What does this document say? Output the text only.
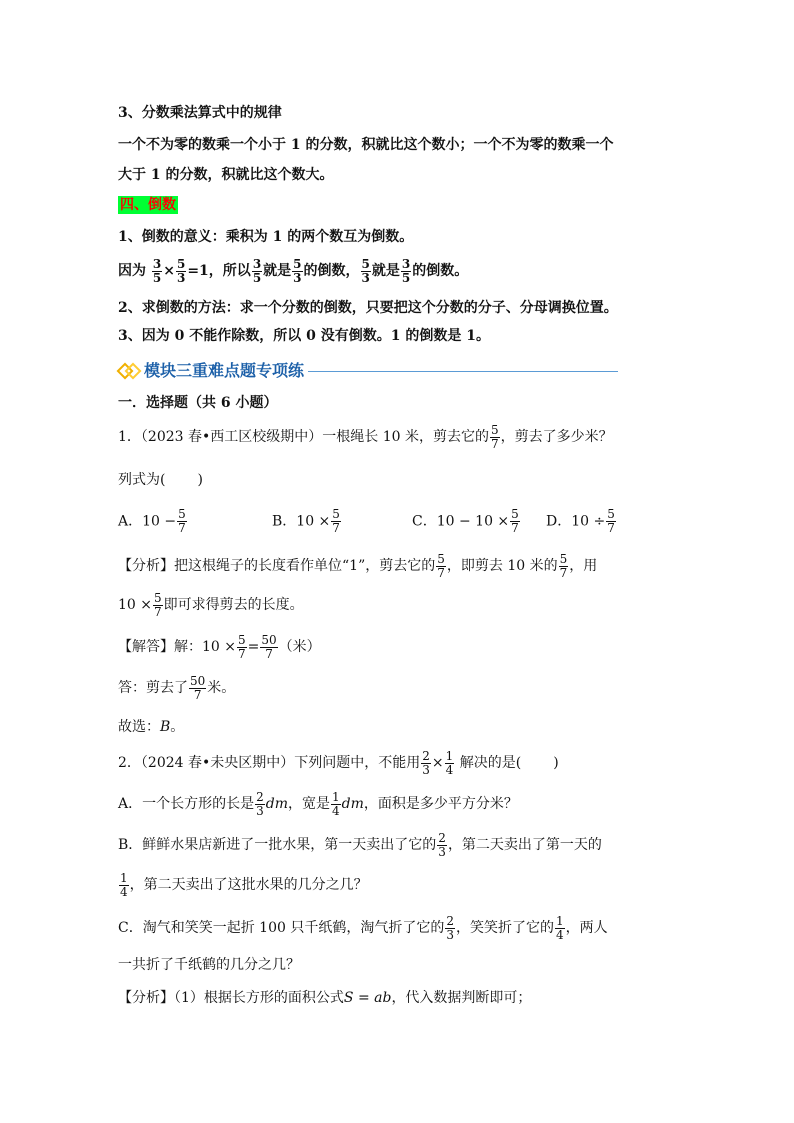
3、分数乘法算式中的规律
一个不为零的数乘一个小于 1 的分数，积就比这个数小；一个不为零的数乘一个
大于 1 的分数，积就比这个数大。
四、倒数
1、倒数的意义：乘积为 1 的两个数互为倒数。
因为 $\frac{3}{5} \times \frac{5}{3} =1$，所以 $\frac{3}{5}$ 就是 $\frac{5}{3}$ 的倒数， $\frac{5}{3}$ 就是 $\frac{3}{5}$ 的倒数。
2、求倒数的方法：求一个分数的倒数，只要把这个分数的分子、分母调换位置。
3、因为 0 不能作除数，所以 0 没有倒数。1 的倒数是 1。
模块三重难点题专项练
一．选择题（共 6 小题）
1．（2023 春•西工区校级期中）一根绳长 10 米，剪去它的 $\frac{5}{7}$ ，剪去了多少米？
列式为( )
A．$10 - \frac{5}{7}$	B．$10 \times \frac{5}{7}$	C．$10 - 10 \times \frac{5}{7}$ D．$10 \div \frac{5}{7}$
【分析】把这根绳子的长度看作单位“1”，剪去它的 $\frac{5}{7}$ ，即剪去 10 米的 $\frac{5}{7}$ ，用
$10 \times \frac{5}{7}$ 即可求得剪去的长度。
【解答】解：$10 \times \frac{5}{7} = \frac{50}{7}$ （米）
答：剪去了 $\frac{50}{7}$ 米。
故选：B。
2．（2024 春•未央区期中）下列问题中，不能用 $\frac{2}{3} \times \frac{1}{4}$ 解决的是( )
A．一个长方形的长是 $\frac{2}{3}$ dm，宽是 $\frac{1}{4}$ dm，面积是多少平方分米？
B．鲜鲜水果店新进了一批水果，第一天卖出了它的 $\frac{2}{3}$ ，第二天卖出了第一天的
$\frac{1}{4}$ ，第二天卖出了这批水果的几分之几？
C．淘气和笑笑一起折 100 只千纸鹤，淘气折了它的 $\frac{2}{3}$ ，笑笑折了它的 $\frac{1}{4}$ ，两人
一共折了千纸鹤的几分之几？
【分析】（1）根据长方形的面积公式S = ab，代入数据判断即可；
